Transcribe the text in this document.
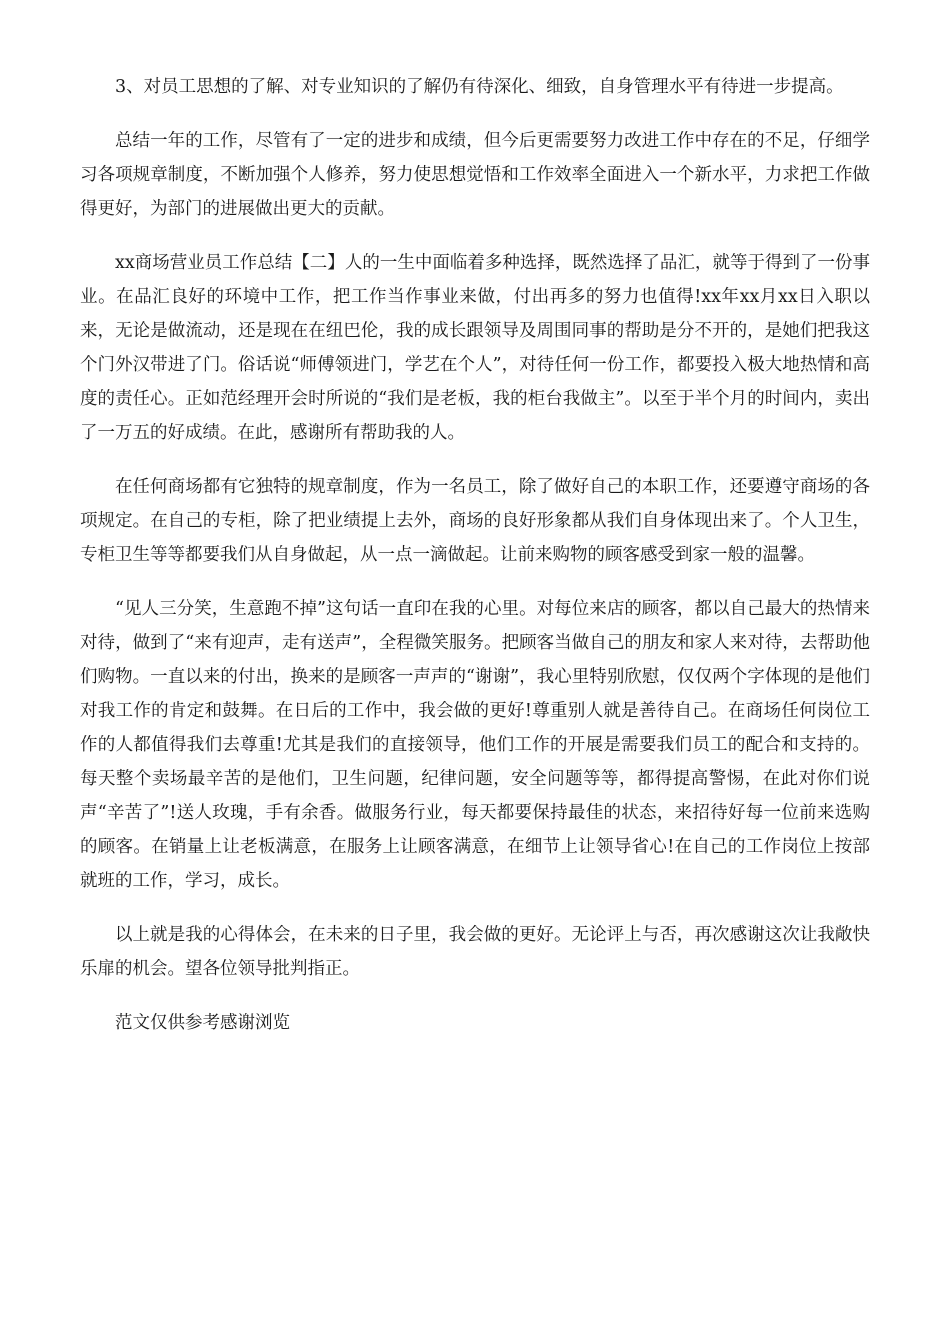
3、对员工思想的了解、对专业知识的了解仍有待深化、细致，自身管理水平有待进一步提高。

总结一年的工作，尽管有了一定的进步和成绩，但今后更需要努力改进工作中存在的不足，仔细学习各项规章制度，不断加强个人修养，努力使思想觉悟和工作效率全面进入一个新水平，力求把工作做得更好，为部门的进展做出更大的贡献。

xx商场营业员工作总结【二】人的一生中面临着多种选择，既然选择了品汇，就等于得到了一份事业。在品汇良好的环境中工作，把工作当作事业来做，付出再多的努力也值得!xx年xx月xx日入职以来，无论是做流动，还是现在在纽巴伦，我的成长跟领导及周围同事的帮助是分不开的，是她们把我这个门外汉带进了门。俗话说“师傅领进门，学艺在个人”，对待任何一份工作，都要投入极大地热情和高度的责任心。正如范经理开会时所说的“我们是老板，我的柜台我做主”。以至于半个月的时间内，卖出了一万五的好成绩。在此，感谢所有帮助我的人。

在任何商场都有它独特的规章制度，作为一名员工，除了做好自己的本职工作，还要遵守商场的各项规定。在自己的专柜，除了把业绩提上去外，商场的良好形象都从我们自身体现出来了。个人卫生，专柜卫生等等都要我们从自身做起，从一点一滴做起。让前来购物的顾客感受到家一般的温馨。

“见人三分笑，生意跑不掉”这句话一直印在我的心里。对每位来店的顾客，都以自己最大的热情来对待，做到了“来有迎声，走有送声”，全程微笑服务。把顾客当做自己的朋友和家人来对待，去帮助他们购物。一直以来的付出，换来的是顾客一声声的“谢谢”，我心里特别欣慰，仅仅两个字体现的是他们对我工作的肯定和鼓舞。在日后的工作中，我会做的更好!尊重别人就是善待自己。在商场任何岗位工作的人都值得我们去尊重!尤其是我们的直接领导，他们工作的开展是需要我们员工的配合和支持的。每天整个卖场最辛苦的是他们，卫生问题，纪律问题，安全问题等等，都得提高警惕，在此对你们说声“辛苦了”!送人玫瑰，手有余香。做服务行业，每天都要保持最佳的状态，来招待好每一位前来选购的顾客。在销量上让老板满意，在服务上让顾客满意，在细节上让领导省心!在自己的工作岗位上按部就班的工作，学习，成长。

以上就是我的心得体会，在未来的日子里，我会做的更好。无论评上与否，再次感谢这次让我敞快乐扉的机会。望各位领导批判指正。

范文仅供参考感谢浏览
